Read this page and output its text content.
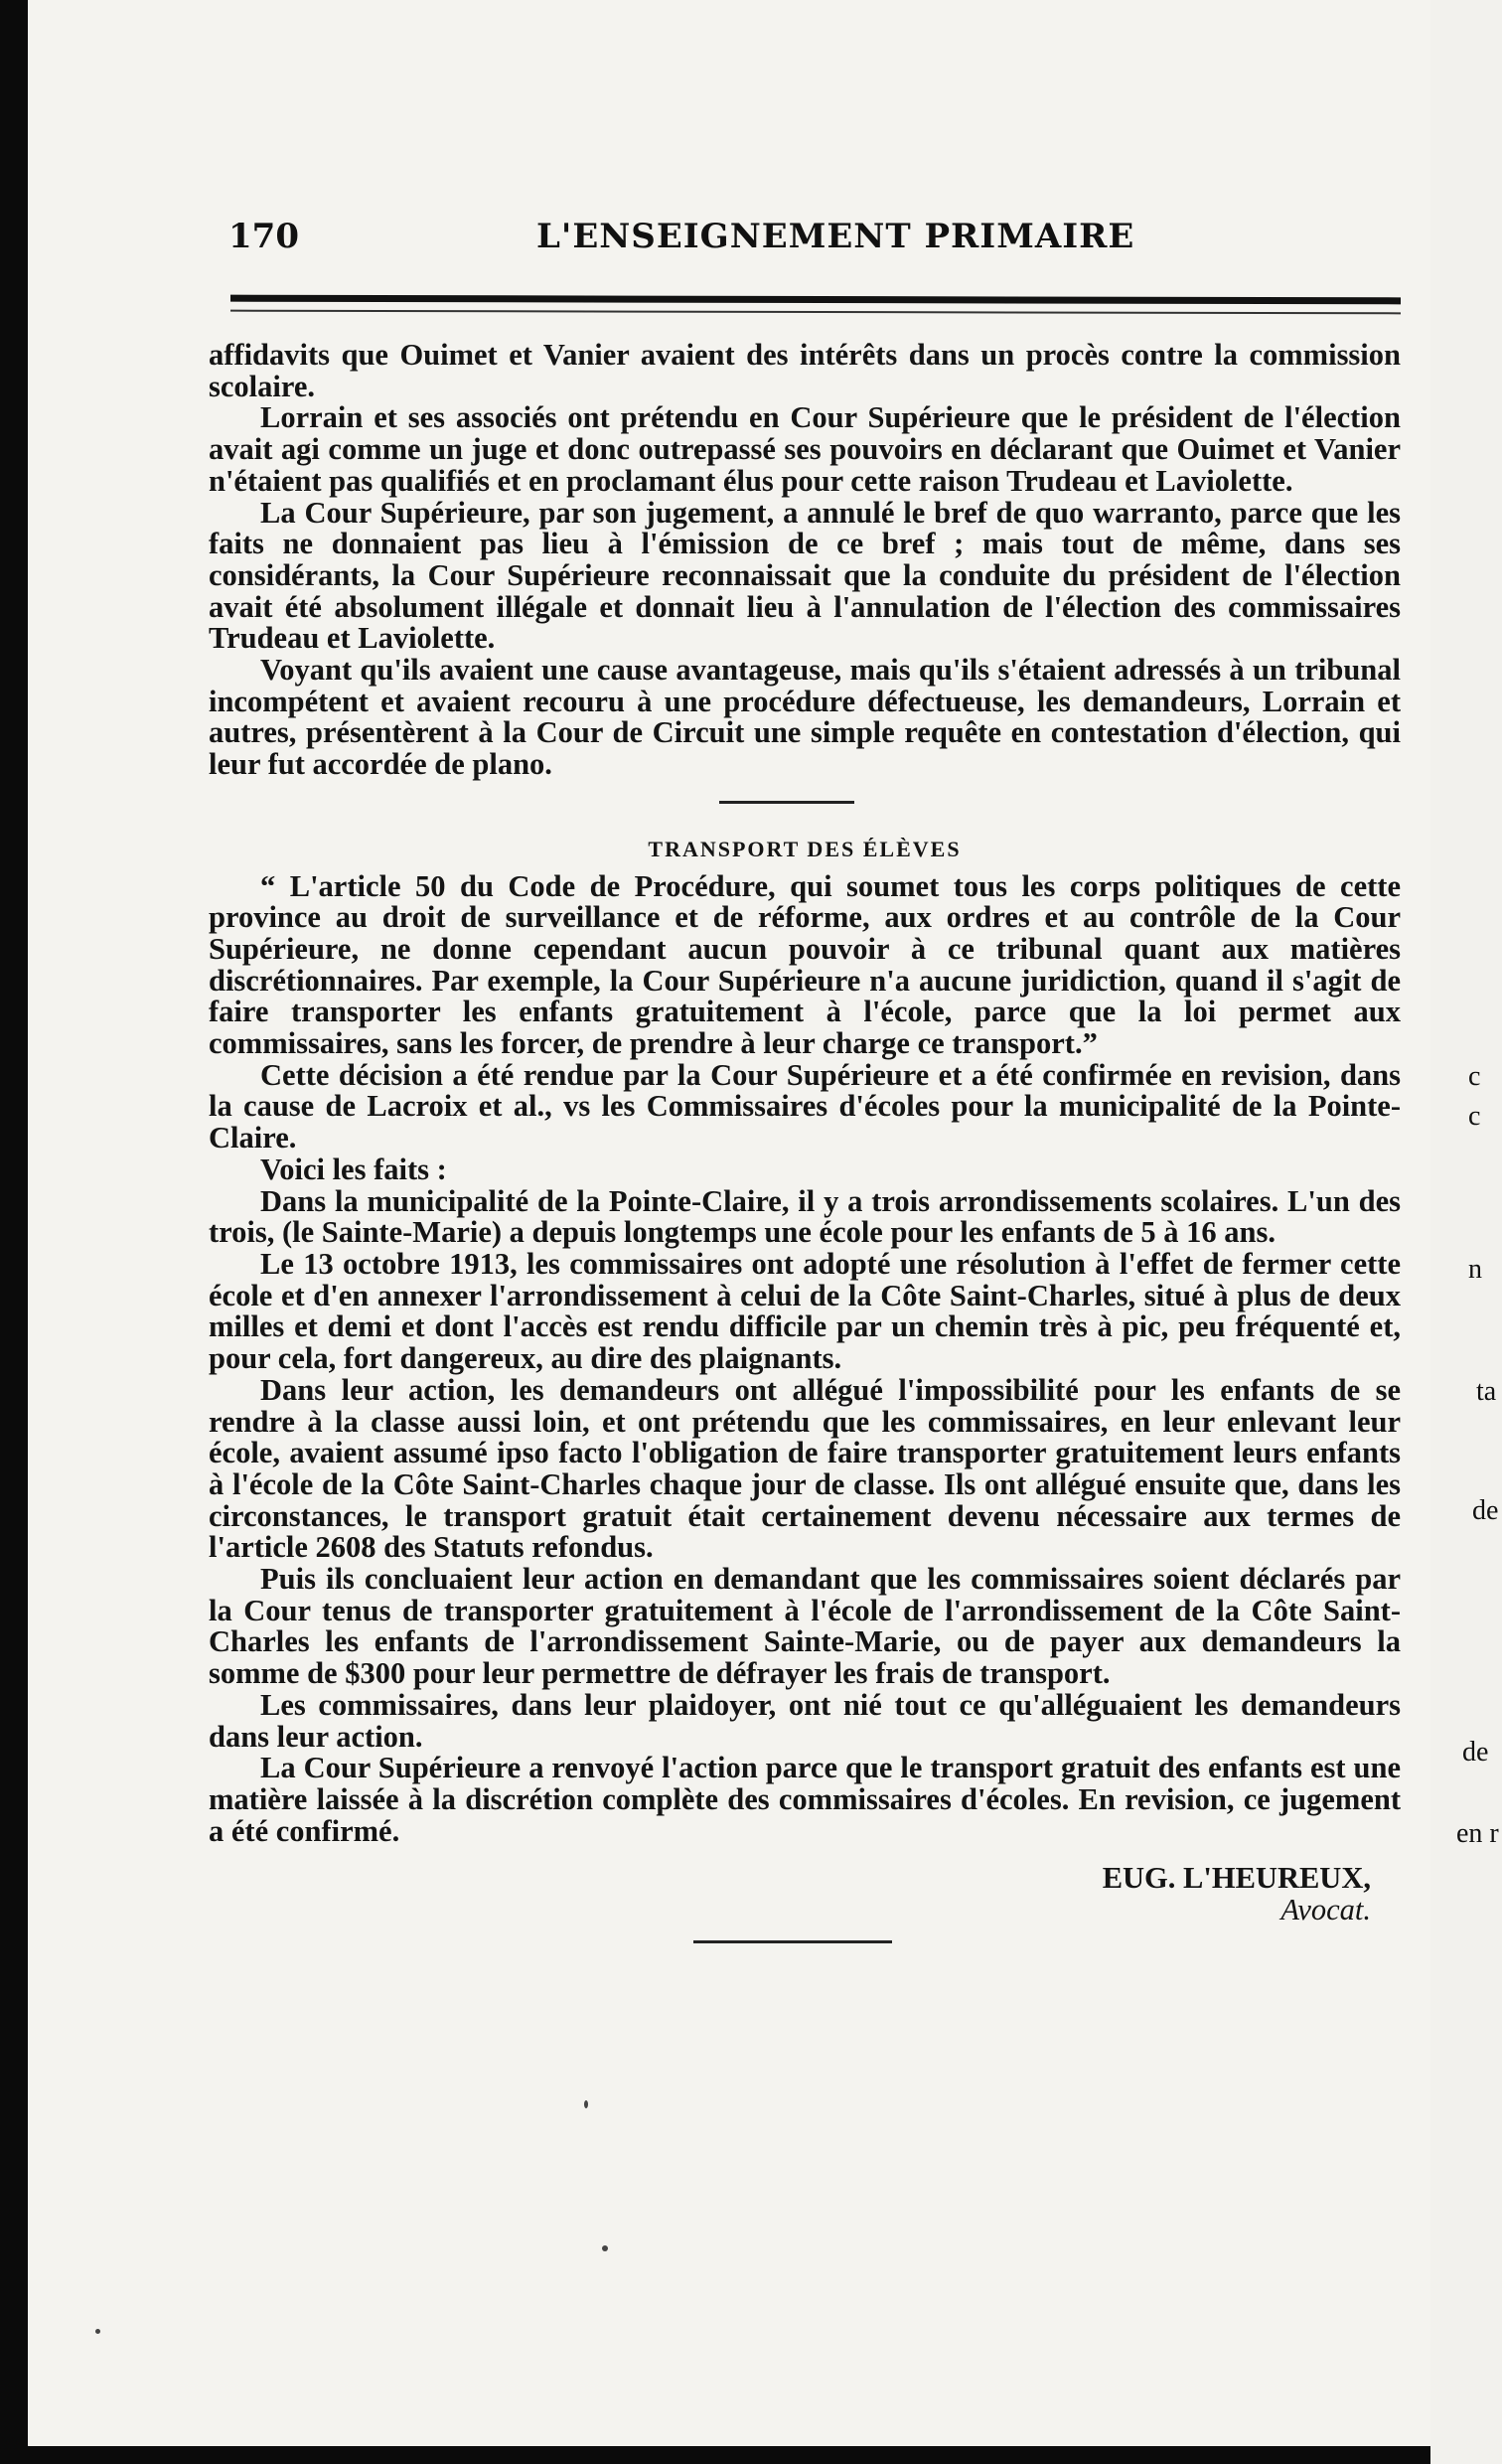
170	L'ENSEIGNEMENT PRIMAIRE

affidavits que Ouimet et Vanier avaient des intérêts dans un procès contre la commission scolaire.

Lorrain et ses associés ont prétendu en Cour Supérieure que le président de l'élection avait agi comme un juge et donc outrepassé ses pouvoirs en déclarant que Ouimet et Vanier n'étaient pas qualifiés et en proclamant élus pour cette raison Trudeau et Laviolette.

La Cour Supérieure, par son jugement, a annulé le bref de quo warranto, parce que les faits ne donnaient pas lieu à l'émission de ce bref ; mais tout de même, dans ses considérants, la Cour Supérieure reconnaissait que la conduite du président de l'élection avait été absolument illégale et donnait lieu à l'annulation de l'élection des commissaires Trudeau et Laviolette.

Voyant qu'ils avaient une cause avantageuse, mais qu'ils s'étaient adressés à un tribunal incompétent et avaient recouru à une procédure défectueuse, les demandeurs, Lorrain et autres, présentèrent à la Cour de Circuit une simple requête en contestation d'élection, qui leur fut accordée de plano.

TRANSPORT DES ÉLÈVES

“ L'article 50 du Code de Procédure, qui soumet tous les corps politiques de cette province au droit de surveillance et de réforme, aux ordres et au contrôle de la Cour Supérieure, ne donne cependant aucun pouvoir à ce tribunal quant aux matières discrétionnaires. Par exemple, la Cour Supérieure n'a aucune juridiction, quand il s'agit de faire transporter les enfants gratuitement à l'école, parce que la loi permet aux commissaires, sans les forcer, de prendre à leur charge ce transport.”

Cette décision a été rendue par la Cour Supérieure et a été confirmée en revision, dans la cause de Lacroix et al., vs les Commissaires d'écoles pour la municipalité de la Pointe-Claire.

Voici les faits :

Dans la municipalité de la Pointe-Claire, il y a trois arrondissements scolaires. L'un des trois, (le Sainte-Marie) a depuis longtemps une école pour les enfants de 5 à 16 ans.

Le 13 octobre 1913, les commissaires ont adopté une résolution à l'effet de fermer cette école et d'en annexer l'arrondissement à celui de la Côte Saint-Charles, situé à plus de deux milles et demi et dont l'accès est rendu difficile par un chemin très à pic, peu fréquenté et, pour cela, fort dangereux, au dire des plaignants.

Dans leur action, les demandeurs ont allégué l'impossibilité pour les enfants de se rendre à la classe aussi loin, et ont prétendu que les commissaires, en leur enlevant leur école, avaient assumé ipso facto l'obligation de faire transporter gratuitement leurs enfants à l'école de la Côte Saint-Charles chaque jour de classe. Ils ont allégué ensuite que, dans les circonstances, le transport gratuit était certainement devenu nécessaire aux termes de l'article 2608 des Statuts refondus.

Puis ils concluaient leur action en demandant que les commissaires soient déclarés par la Cour tenus de transporter gratuitement à l'école de l'arrondissement de la Côte Saint-Charles les enfants de l'arrondissement Sainte-Marie, ou de payer aux demandeurs la somme de $300 pour leur permettre de défrayer les frais de transport.

Les commissaires, dans leur plaidoyer, ont nié tout ce qu'alléguaient les demandeurs dans leur action.

La Cour Supérieure a renvoyé l'action parce que le transport gratuit des enfants est une matière laissée à la discrétion complète des commissaires d'écoles. En revision, ce jugement a été confirmé.

EUG. L'HEUREUX,
Avocat.
c
c
n
ta
de
de
en r
